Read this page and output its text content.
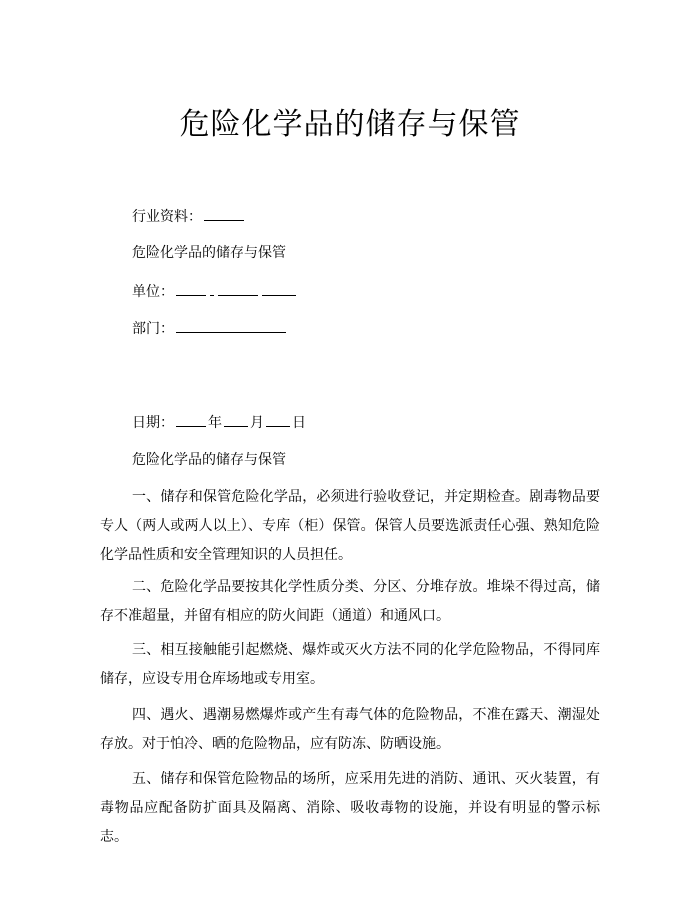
危险化学品的储存与保管
行业资料：
危险化学品的储存与保管
单位：
部门：
日期： 年 月 日
危险化学品的储存与保管
一、储存和保管危险化学品，必须进行验收登记，并定期检查。剧毒物品要专人（两人或两人以上）、专库（柜）保管。保管人员要选派责任心强、熟知危险化学品性质和安全管理知识的人员担任。
二、危险化学品要按其化学性质分类、分区、分堆存放。堆垛不得过高，储存不准超量，并留有相应的防火间距（通道）和通风口。
三、相互接触能引起燃烧、爆炸或灭火方法不同的化学危险物品，不得同库储存，应设专用仓库场地或专用室。
四、遇火、遇潮易燃爆炸或产生有毒气体的危险物品，不准在露天、潮湿处存放。对于怕冷、晒的危险物品，应有防冻、防晒设施。
五、储存和保管危险物品的场所，应采用先进的消防、通讯、灭火装置，有毒物品应配备防扩面具及隔离、消除、吸收毒物的设施，并设有明显的警示标志。
